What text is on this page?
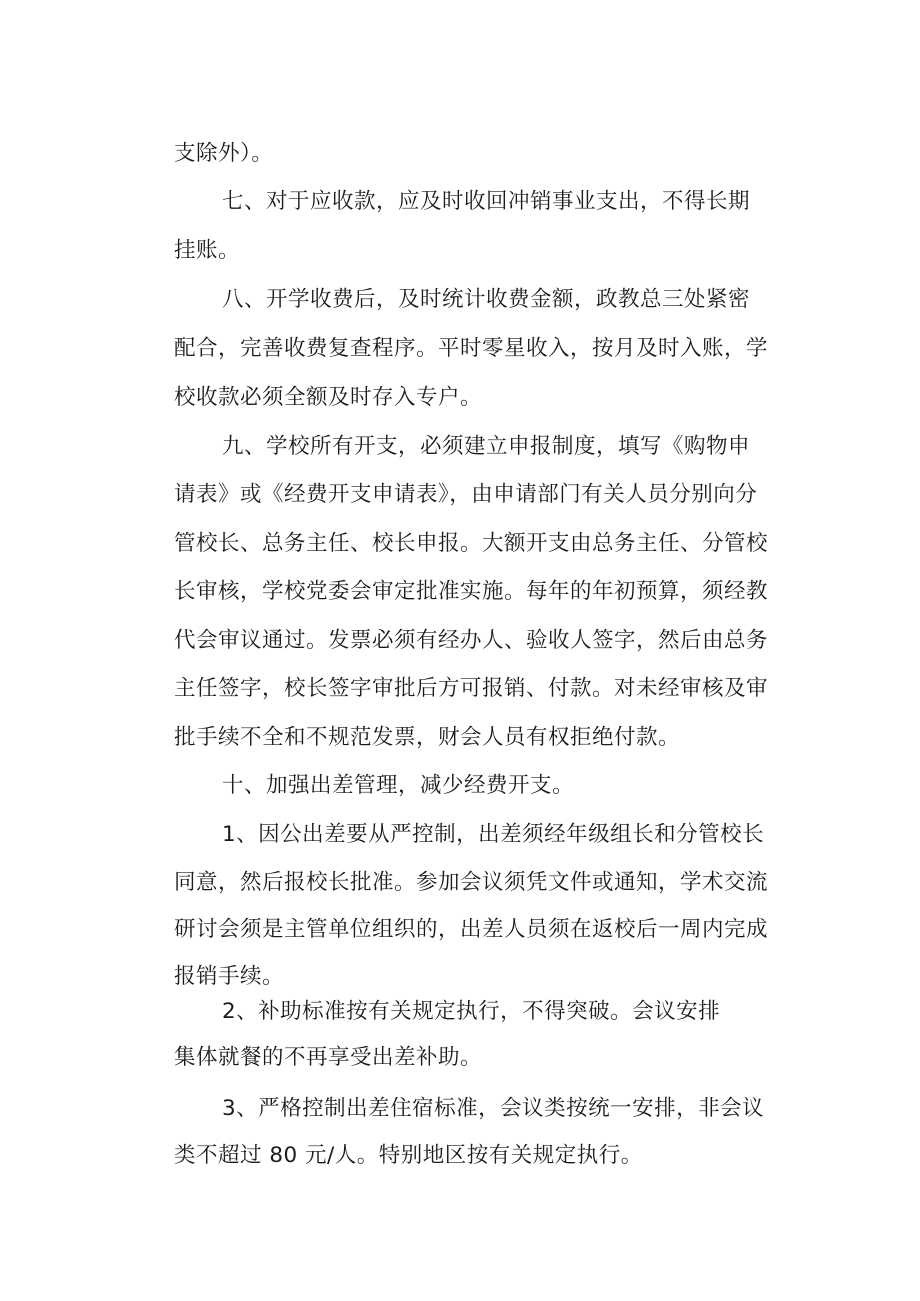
支除外）。

七、对于应收款，应及时收回冲销事业支出，不得长期

挂账。

八、开学收费后，及时统计收费金额，政教总三处紧密

配合，完善收费复查程序。平时零星收入，按月及时入账，学

校收款必须全额及时存入专户。

九、学校所有开支，必须建立申报制度，填写《购物申

请表》或《经费开支申请表》，由申请部门有关人员分别向分

管校长、总务主任、校长申报。大额开支由总务主任、分管校

长审核，学校党委会审定批准实施。每年的年初预算，须经教

代会审议通过。发票必须有经办人、验收人签字，然后由总务

主任签字，校长签字审批后方可报销、付款。对未经审核及审

批手续不全和不规范发票，财会人员有权拒绝付款。

十、加强出差管理，减少经费开支。

1、因公出差要从严控制，出差须经年级组长和分管校长

同意，然后报校长批准。参加会议须凭文件或通知，学术交流

研讨会须是主管单位组织的，出差人员须在返校后一周内完成

报销手续。

2、补助标准按有关规定执行，不得突破。会议安排

集体就餐的不再享受出差补助。

3、严格控制出差住宿标准，会议类按统一安排，非会议

类不超过 80 元/人。特别地区按有关规定执行。
